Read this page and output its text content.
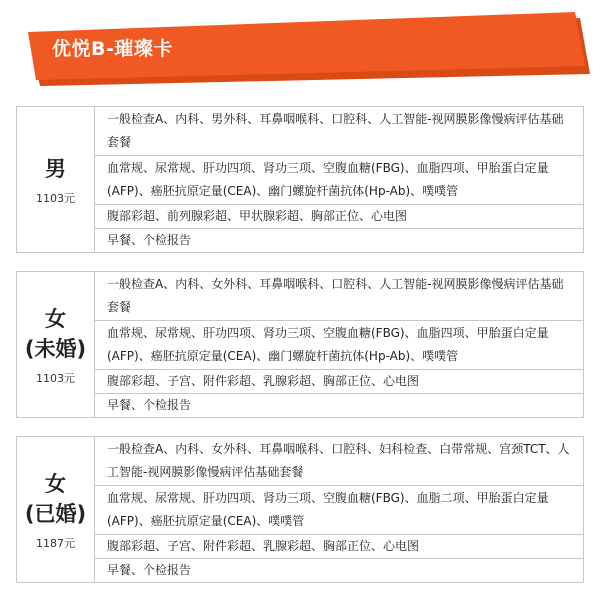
优悦B-璀璨卡
男
1103元
一般检查A、内科、男外科、耳鼻咽喉科、口腔科、人工智能-视网膜影像慢病评估基础套餐
血常规、尿常规、肝功四项、肾功三项、空腹血糖(FBG)、血脂四项、甲胎蛋白定量(AFP)、癌胚抗原定量(CEA)、幽门螺旋杆菌抗体(Hp-Ab)、噗噗管
腹部彩超、前列腺彩超、甲状腺彩超、胸部正位、心电图
早餐、个检报告
女
(未婚)
1103元
一般检查A、内科、女外科、耳鼻咽喉科、口腔科、人工智能-视网膜影像慢病评估基础套餐
血常规、尿常规、肝功四项、肾功三项、空腹血糖(FBG)、血脂四项、甲胎蛋白定量(AFP)、癌胚抗原定量(CEA)、幽门螺旋杆菌抗体(Hp-Ab)、噗噗管
腹部彩超、子宫、附件彩超、乳腺彩超、胸部正位、心电图
早餐、个检报告
女
(已婚)
1187元
一般检查A、内科、女外科、耳鼻咽喉科、口腔科、妇科检查、白带常规、宫颈TCT、人工智能-视网膜影像慢病评估基础套餐
血常规、尿常规、肝功四项、肾功三项、空腹血糖(FBG)、血脂二项、甲胎蛋白定量(AFP)、癌胚抗原定量(CEA)、噗噗管
腹部彩超、子宫、附件彩超、乳腺彩超、胸部正位、心电图
早餐、个检报告
